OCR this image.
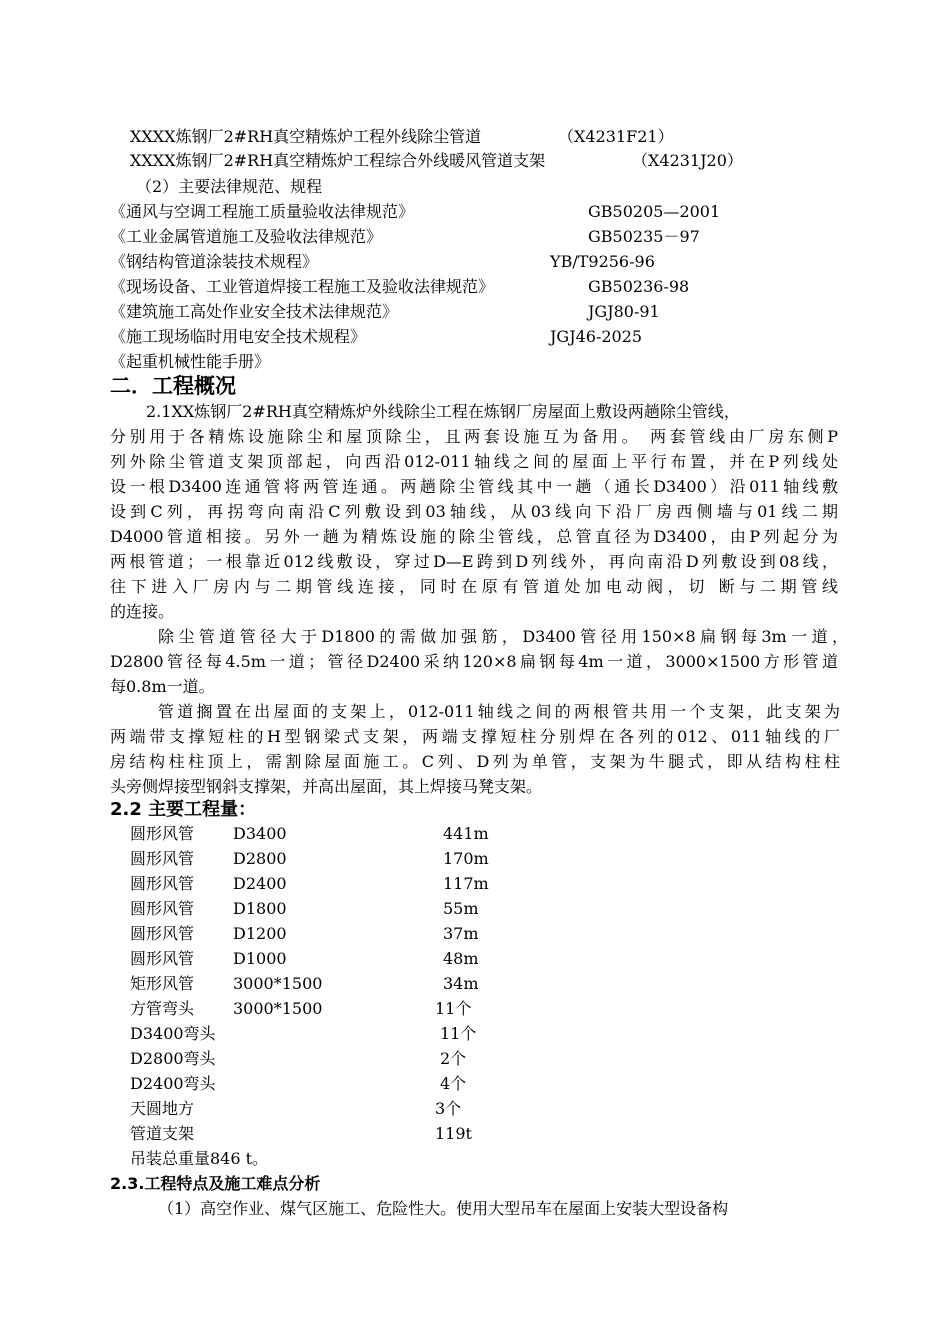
XXXX炼钢厂2#RH真空精炼炉工程外线除尘管道	（X4231F21）
XXXX炼钢厂2#RH真空精炼炉工程综合外线暖风管道支架	（X4231J20）
（2）主要法律规范、规程
《通风与空调工程施工质量验收法律规范》	GB50205—2001
《工业金属管道施工及验收法律规范》	GB50235－97
《钢结构管道涂装技术规程》	YB/T9256-96
《现场设备、工业管道焊接工程施工及验收法律规范》	GB50236-98
《建筑施工高处作业安全技术法律规范》	JGJ80-91
《施工现场临时用电安全技术规程》	JGJ46-2025
《起重机械性能手册》
二．工程概况
2.1XX炼钢厂2#RH真空精炼炉外线除尘工程在炼钢厂房屋面上敷设两趟除尘管线，
分别用于各精炼设施除尘和屋顶除尘，且两套设施互为备用。 两套管线由厂房东侧P
列外除尘管道支架顶部起，向西沿012-011轴线之间的屋面上平行布置，并在P列线处
设一根D3400连通管将两管连通。两趟除尘管线其中一趟（通长D3400）沿011轴线敷
设到C列，再拐弯向南沿C列敷设到03轴线，从03线向下沿厂房西侧墙与01线二期
D4000管道相接。另外一趟为精炼设施的除尘管线，总管直径为D3400，由P列起分为
两根管道；一根靠近012线敷设，穿过D—E跨到D列线外，再向南沿D列敷设到08线，
往下进入厂房内与二期管线连接，同时在原有管道处加电动阀，切 断与二期管线
的连接。
除尘管道管径大于D1800的需做加强筋，D3400管径用150×8扁钢每3m一道，
D2800管径每4.5m一道；管径D2400采纳120×8扁钢每4m一道，3000×1500方形管道
每0.8m一道。
管道搁置在出屋面的支架上，012-011轴线之间的两根管共用一个支架，此支架为
两端带支撑短柱的H型钢梁式支架，两端支撑短柱分别焊在各列的012、011轴线的厂
房结构柱柱顶上，需割除屋面施工。C列、D列为单管，支架为牛腿式，即从结构柱柱
头旁侧焊接型钢斜支撑架，并高出屋面，其上焊接马凳支架。
2.2 主要工程量：
圆形风管 D3400	441m
圆形风管 D2800	170m
圆形风管 D2400	117m
圆形风管 D1800	55m
圆形风管 D1200	37m
圆形风管 D1000	48m
矩形风管 3000*1500	34m
方管弯头 3000*1500	11个
D3400弯头	11个
D2800弯头	2个
D2400弯头	4个
天圆地方	3个
管道支架	119t
吊装总重量846 t。
2.3.工程特点及施工难点分析
（1）高空作业、煤气区施工、危险性大。使用大型吊车在屋面上安装大型设备构
